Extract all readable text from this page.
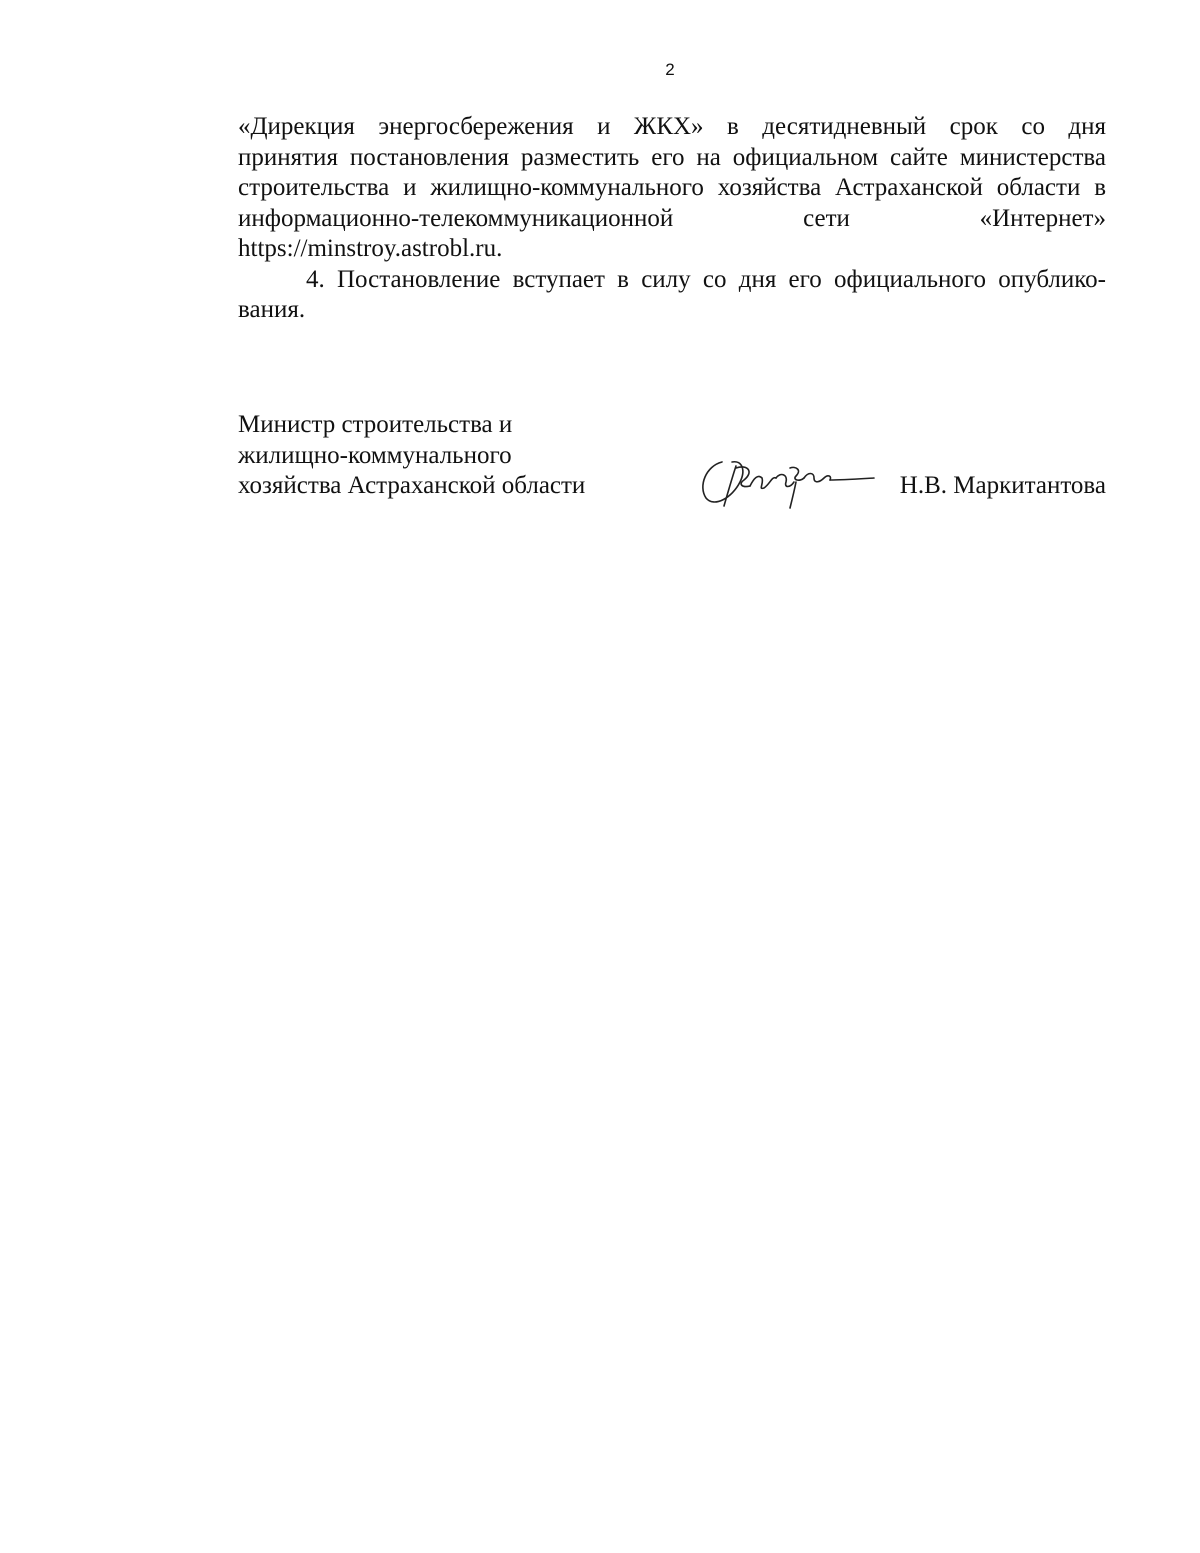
2

«Дирекция энергосбережения и ЖКХ» в десятидневный срок со дня
принятия постановления разместить его на официальном сайте министерства
строительства и жилищно-коммунального хозяйства Астраханской области в
информационно-телекоммуникационной сети «Интернет»
https://minstroy.astrobl.ru.

4. Постановление вступает в силу со дня его официального опублико-
вания.

Министр строительства и
жилищно-коммунального
хозяйства Астраханской области	Н.В. Маркитантова
